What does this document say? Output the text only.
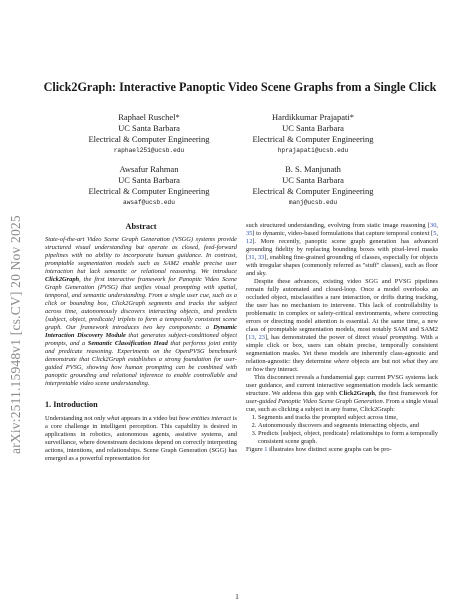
arXiv:2511.15948v1 [cs.CV] 20 Nov 2025
Click2Graph: Interactive Panoptic Video Scene Graphs from a Single Click
Raphael Ruschel*
UC Santa Barbara
Electrical & Computer Engineering
raphael251@ucsb.edu
Hardikkumar Prajapati*
UC Santa Barbara
Electrical & Computer Engineering
hprajapati@ucsb.edu
Awsafur Rahman
UC Santa Barbara
Electrical & Computer Engineering
awsaf@ucsb.edu
B. S. Manjunath
UC Santa Barbara
Electrical & Computer Engineering
manj@ucsb.edu
Abstract

State-of-the-art Video Scene Graph Generation (VSGG) systems provide structured visual understanding but operate as closed, feed-forward pipelines with no ability to incorporate human guidance. In contrast, promptable segmentation models such as SAM2 enable precise user interaction but lack semantic or relational reasoning. We introduce Click2Graph, the first interactive framework for Panoptic Video Scene Graph Generation (PVSG) that unifies visual prompting with spatial, temporal, and semantic understanding. From a single user cue, such as a click or bounding box, Click2Graph segments and tracks the subject across time, autonomously discovers interacting objects, and predicts ⟨subject, object, predicate⟩ triplets to form a temporally consistent scene graph. Our framework introduces two key components: a Dynamic Interaction Discovery Module that generates subject-conditioned object prompts, and a Semantic Classification Head that performs joint entity and predicate reasoning. Experiments on the OpenPVSG benchmark demonstrate that Click2Graph establishes a strong foundation for user-guided PVSG, showing how human prompting can be combined with panoptic grounding and relational inference to enable controllable and interpretable video scene understanding.

1. Introduction

Understanding not only what appears in a video but how entities interact is a core challenge in intelligent perception. This capability is desired in applications in robotics, autonomous agents, assistive systems, and surveillance, where downstream decisions depend on correctly interpreting actions, intentions, and relationships. Scene Graph Generation (SGG) has emerged as a powerful representation for

such structured understanding, evolving from static image reasoning [30, 35] to dynamic, video-based formulations that capture temporal context [5, 12]. More recently, panoptic scene graph generation has advanced grounding fidelity by replacing bounding boxes with pixel-level masks [31, 33], enabling fine-grained grounding of classes, especially for objects with irregular shapes (commonly referred as "stuff" classes), such as floor and sky.

Despite these advances, existing video SGG and PVSG pipelines remain fully automated and closed-loop. Once a model overlooks an occluded object, misclassifies a rare interaction, or drifts during tracking, the user has no mechanism to intervene. This lack of controllability is problematic in complex or safety-critical environments, where correcting errors or directing model attention is essential. At the same time, a new class of promptable segmentation models, most notably SAM and SAM2 [13, 23], has demonstrated the power of direct visual prompting. With a simple click or box, users can obtain precise, temporally consistent segmentation masks. Yet these models are inherently class-agnostic and relation-agnostic: they determine where objects are but not what they are or how they interact.

This disconnect reveals a fundamental gap: current PVSG systems lack user guidance, and current interactive segmentation models lack semantic structure. We address this gap with Click2Graph, the first framework for user-guided Panoptic Video Scene Graph Generation. From a single visual cue, such as clicking a subject in any frame, Click2Graph:

1. Segments and tracks the prompted subject across time,
2. Autonomously discovers and segments interacting objects, and
3. Predicts ⟨subject, object, predicate⟩ relationships to form a temporally consistent scene graph.

Figure 1 illustrates how distinct scene graphs can be pro-

1
